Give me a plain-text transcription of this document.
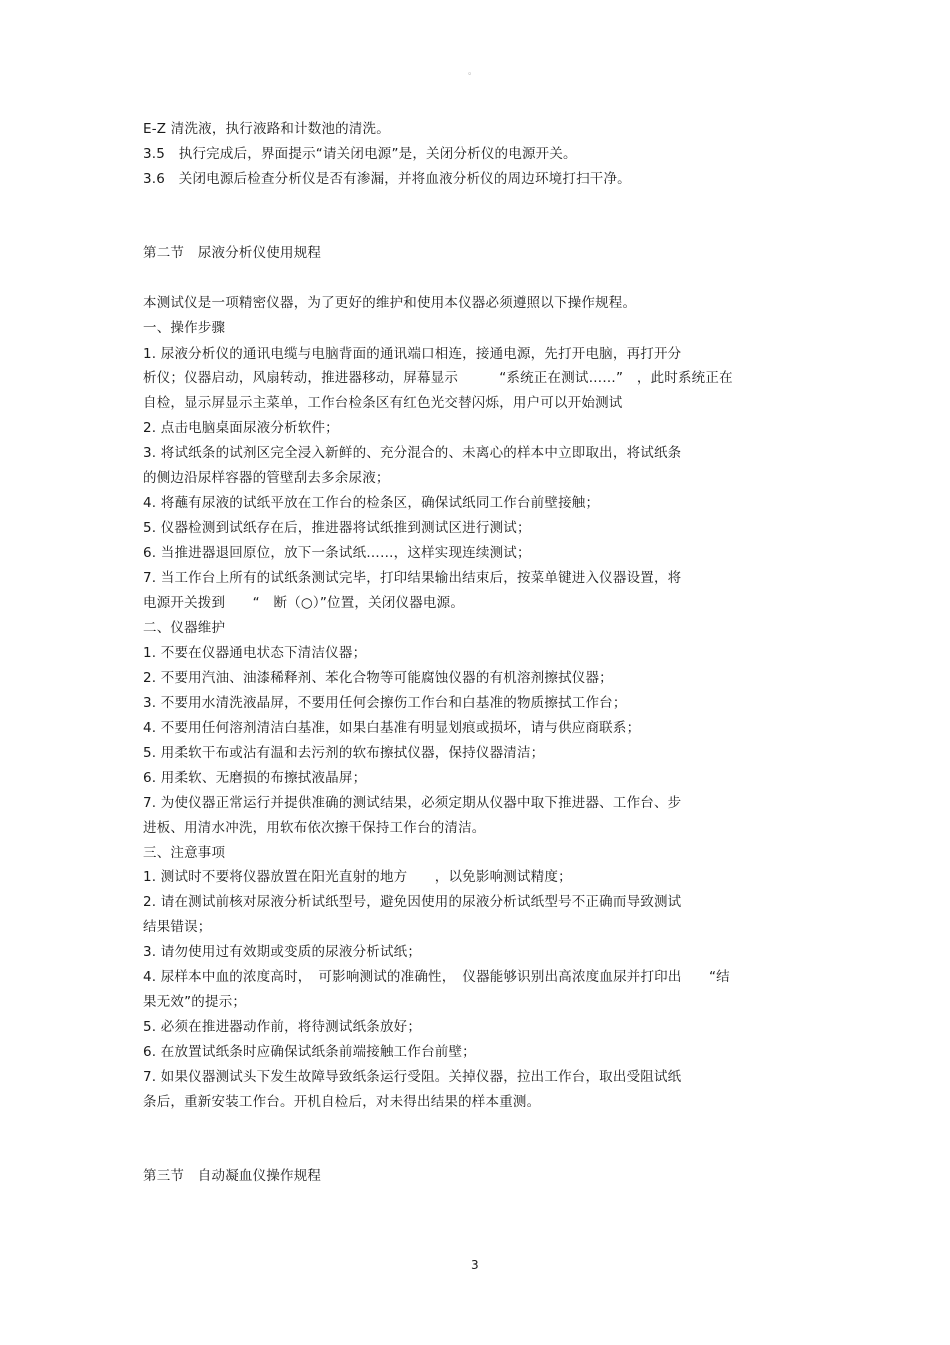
。
E-Z 清洗液，执行液路和计数池的清洗。
3.5　执行完成后，界面提示“请关闭电源”是，关闭分析仪的电源开关。
3.6　关闭电源后检查分析仪是否有渗漏，并将血液分析仪的周边环境打扫干净。
第二节　尿液分析仪使用规程
本测试仪是一项精密仪器，为了更好的维护和使用本仪器必须遵照以下操作规程。
一、操作步骤
1. 尿液分析仪的通讯电缆与电脑背面的通讯端口相连，接通电源，先打开电脑，再打开分
析仪；仪器启动，风扇转动，推进器移动，屏幕显示　　　“系统正在测试……”　，此时系统正在
自检，显示屏显示主菜单，工作台检条区有红色光交替闪烁，用户可以开始测试
2. 点击电脑桌面尿液分析软件；
3. 将试纸条的试剂区完全浸入新鲜的、充分混合的、未离心的样本中立即取出，将试纸条
的侧边沿尿样容器的管壁刮去多余尿液；
4. 将蘸有尿液的试纸平放在工作台的检条区，确保试纸同工作台前壁接触；
5. 仪器检测到试纸存在后，推进器将试纸推到测试区进行测试；
6. 当推进器退回原位，放下一条试纸……，这样实现连续测试；
7. 当工作台上所有的试纸条测试完毕，打印结果输出结束后，按菜单键进入仪器设置，将
电源开关拨到　　“　断（○）”位置，关闭仪器电源。
二、仪器维护
1. 不要在仪器通电状态下清洁仪器；
2. 不要用汽油、油漆稀释剂、苯化合物等可能腐蚀仪器的有机溶剂擦拭仪器；
3. 不要用水清洗液晶屏，不要用任何会擦伤工作台和白基准的物质擦拭工作台；
4. 不要用任何溶剂清洁白基准，如果白基准有明显划痕或损坏，请与供应商联系；
5. 用柔软干布或沾有温和去污剂的软布擦拭仪器，保持仪器清洁；
6. 用柔软、无磨损的布擦拭液晶屏；
7. 为使仪器正常运行并提供准确的测试结果，必须定期从仪器中取下推进器、工作台、步
进板、用清水冲洗，用软布依次擦干保持工作台的清洁。
三、注意事项
1. 测试时不要将仪器放置在阳光直射的地方　　，以免影响测试精度；
2. 请在测试前核对尿液分析试纸型号，避免因使用的尿液分析试纸型号不正确而导致测试
结果错误；
3. 请勿使用过有效期或变质的尿液分析试纸；
4. 尿样本中血的浓度高时，　可影响测试的准确性，　仪器能够识别出高浓度血尿并打印出　　“结
果无效”的提示；
5. 必须在推进器动作前，将待测试纸条放好；
6. 在放置试纸条时应确保试纸条前端接触工作台前壁；
7. 如果仪器测试头下发生故障导致纸条运行受阻。关掉仪器，拉出工作台，取出受阻试纸
条后，重新安装工作台。开机自检后，对未得出结果的样本重测。
第三节　自动凝血仪操作规程
3
